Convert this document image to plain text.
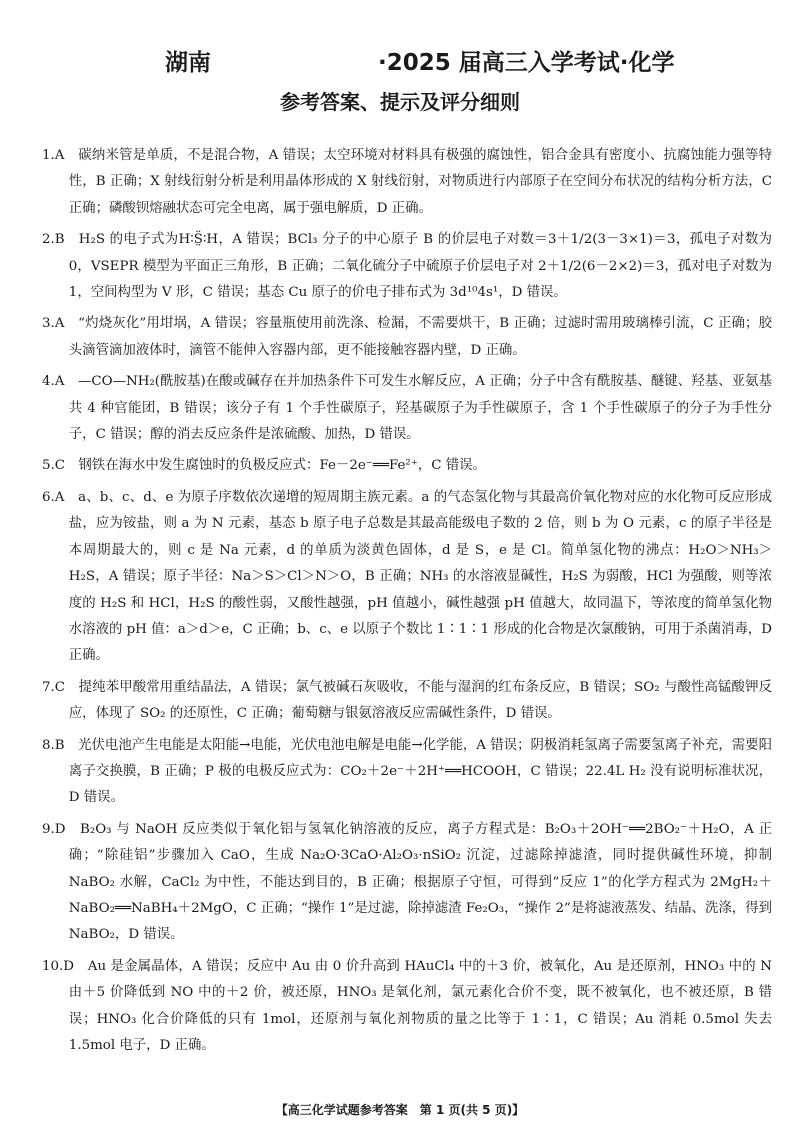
湖南	·2025 届高三入学考试·化学
参考答案、提示及评分细则

1.A　碳纳米管是单质，不是混合物，A 错误；太空环境对材料具有极强的腐蚀性，铝合金具有密度小、抗腐蚀能力强等特性，B 正确；X 射线衍射分析是利用晶体形成的 X 射线衍射，对物质进行内部原子在空间分布状况的结构分析方法，C 正确；磷酸钡熔融状态可完全电离，属于强电解质，D 正确。

2.B　H₂S 的电子式为H∶S̤̈∶H，A 错误；BCl₃ 分子的中心原子 B 的价层电子对数＝3＋1/2(3－3×1)＝3，孤电子对数为 0，VSEPR 模型为平面正三角形，B 正确；二氧化硫分子中硫原子价层电子对 2＋1/2(6－2×2)＝3，孤对电子对数为 1，空间构型为 V 形，C 错误；基态 Cu 原子的价电子排布式为 3d¹⁰4s¹，D 错误。

3.A　“灼烧灰化”用坩埚，A 错误；容量瓶使用前洗涤、检漏，不需要烘干，B 正确；过滤时需用玻璃棒引流，C 正确；胶头滴管滴加液体时，滴管不能伸入容器内部，更不能接触容器内壁，D 正确。

4.A　—CO—NH₂(酰胺基)在酸或碱存在并加热条件下可发生水解反应，A 正确；分子中含有酰胺基、醚键、羟基、亚氨基共 4 种官能团，B 错误；该分子有 1 个手性碳原子，羟基碳原子为手性碳原子，含 1 个手性碳原子的分子为手性分子，C 错误；醇的消去反应条件是浓硫酸、加热，D 错误。

5.C　钢铁在海水中发生腐蚀时的负极反应式：Fe－2e⁻══Fe²⁺，C 错误。

6.A　a、b、c、d、e 为原子序数依次递增的短周期主族元素。a 的气态氢化物与其最高价氧化物对应的水化物可反应形成盐，应为铵盐，则 a 为 N 元素，基态 b 原子电子总数是其最高能级电子数的 2 倍，则 b 为 O 元素，c 的原子半径是本周期最大的，则 c 是 Na 元素，d 的单质为淡黄色固体，d 是 S，e 是 Cl。简单氢化物的沸点：H₂O＞NH₃＞H₂S，A 错误；原子半径：Na＞S＞Cl＞N＞O，B 正确；NH₃ 的水溶液显碱性，H₂S 为弱酸，HCl 为强酸，则等浓度的 H₂S 和 HCl，H₂S 的酸性弱，又酸性越强，pH 值越小，碱性越强 pH 值越大，故同温下，等浓度的简单氢化物水溶液的 pH 值：a＞d＞e，C 正确；b、c、e 以原子个数比 1∶1∶1 形成的化合物是次氯酸钠，可用于杀菌消毒，D 正确。

7.C　提纯苯甲酸常用重结晶法，A 错误；氯气被碱石灰吸收，不能与湿润的红布条反应，B 错误；SO₂ 与酸性高锰酸钾反应，体现了 SO₂ 的还原性，C 正确；葡萄糖与银氨溶液反应需碱性条件，D 错误。

8.B　光伏电池产生电能是太阳能→电能，光伏电池电解是电能→化学能，A 错误；阴极消耗氢离子需要氢离子补充，需要阳离子交换膜，B 正确；P 极的电极反应式为：CO₂＋2e⁻＋2H⁺══HCOOH，C 错误；22.4L H₂ 没有说明标准状况，D 错误。

9.D　B₂O₃ 与 NaOH 反应类似于氧化铝与氢氧化钠溶液的反应，离子方程式是：B₂O₃＋2OH⁻══2BO₂⁻＋H₂O，A 正确；“除硅铝”步骤加入 CaO，生成 Na₂O·3CaO·Al₂O₃·nSiO₂ 沉淀，过滤除掉滤渣，同时提供碱性环境，抑制 NaBO₂ 水解，CaCl₂ 为中性，不能达到目的，B 正确；根据原子守恒，可得到“反应 1”的化学方程式为 2MgH₂＋NaBO₂══NaBH₄＋2MgO，C 正确；“操作 1”是过滤，除掉滤渣 Fe₂O₃，“操作 2”是将滤液蒸发、结晶、洗涤，得到 NaBO₂，D 错误。

10.D　Au 是金属晶体，A 错误；反应中 Au 由 0 价升高到 HAuCl₄ 中的＋3 价，被氧化，Au 是还原剂，HNO₃ 中的 N 由＋5 价降低到 NO 中的＋2 价，被还原，HNO₃ 是氧化剂，氯元素化合价不变，既不被氧化，也不被还原，B 错误；HNO₃ 化合价降低的只有 1mol，还原剂与氧化剂物质的量之比等于 1∶1，C 错误；Au 消耗 0.5mol 失去 1.5mol 电子，D 正确。

【高三化学试题参考答案　第 1 页(共 5 页)】
